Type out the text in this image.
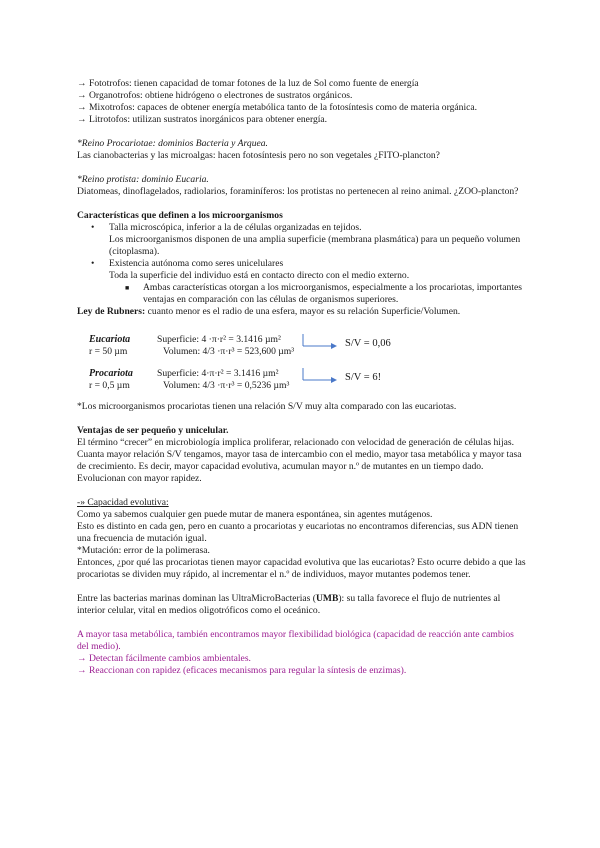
→ Fototrofos: tienen capacidad de tomar fotones de la luz de Sol como fuente de energía

→ Organotrofos: obtiene hidrógeno o electrones de sustratos orgánicos.

→ Mixotrofos: capaces de obtener energía metabólica tanto de la fotosíntesis como de materia orgánica.

→ Litrotofos: utilizan sustratos inorgánicos para obtener energía.

*Reino Procariotae: dominios Bacteria y Arquea.

Las cianobacterias y las microalgas: hacen fotosíntesis pero no son vegetales ¿FITO-plancton?

*Reino protista: dominio Eucaria.

Diatomeas, dinoflagelados, radiolarios, foraminíferos: los protistas no pertenecen al reino animal. ¿ZOO-plancton?

Características que definen a los microorganismos

•	Talla microscópica, inferior a la de células organizadas en tejidos.

Los microorganismos disponen de una amplia superficie (membrana plasmática) para un pequeño volumen (citoplasma).

•	Existencia autónoma como seres unicelulares

Toda la superficie del individuo está en contacto directo con el medio externo.

■	Ambas características otorgan a los microorganismos, especialmente a los procariotas, importantes ventajas en comparación con las células de organismos superiores.

Ley de Rubners: cuanto menor es el radio de una esfera, mayor es su relación Superficie/Volumen.

Eucariota
r = 50 µm
Superficie: 4 ·π·r² = 3.1416 µm²
Volumen: 4/3 ·π·r³ = 523,600 µm³
S/V = 0,06
Procariota
r = 0,5 µm
Superficie: 4·π·r² = 3.1416 µm²
Volumen: 4/3 ·π·r³ = 0,5236 µm³
S/V = 6!

*Los microorganismos procariotas tienen una relación S/V muy alta comparado con las eucariotas.

Ventajas de ser pequeño y unicelular.

El término “crecer” en microbiología implica proliferar, relacionado con velocidad de generación de células hijas.

Cuanta mayor relación S/V tengamos, mayor tasa de intercambio con el medio, mayor tasa metabólica y mayor tasa de crecimiento. Es decir, mayor capacidad evolutiva, acumulan mayor n.º de mutantes en un tiempo dado. Evolucionan con mayor rapidez.

-» Capacidad evolutiva:

Como ya sabemos cualquier gen puede mutar de manera espontánea, sin agentes mutágenos.

Esto es distinto en cada gen, pero en cuanto a procariotas y eucariotas no encontramos diferencias, sus ADN tienen una frecuencia de mutación igual.

*Mutación: error de la polimerasa.

Entonces, ¿por qué las procariotas tienen mayor capacidad evolutiva que las eucariotas? Esto ocurre debido a que las procariotas se dividen muy rápido, al incrementar el n.º de individuos, mayor mutantes podemos tener.

Entre las bacterias marinas dominan las UltraMicroBacterias (UMB): su talla favorece el flujo de nutrientes al interior celular, vital en medios oligotróficos como el oceánico.

A mayor tasa metabólica, también encontramos mayor flexibilidad biológica (capacidad de reacción ante cambios del medio).

→ Detectan fácilmente cambios ambientales.

→ Reaccionan con rapidez (eficaces mecanismos para regular la síntesis de enzimas).
